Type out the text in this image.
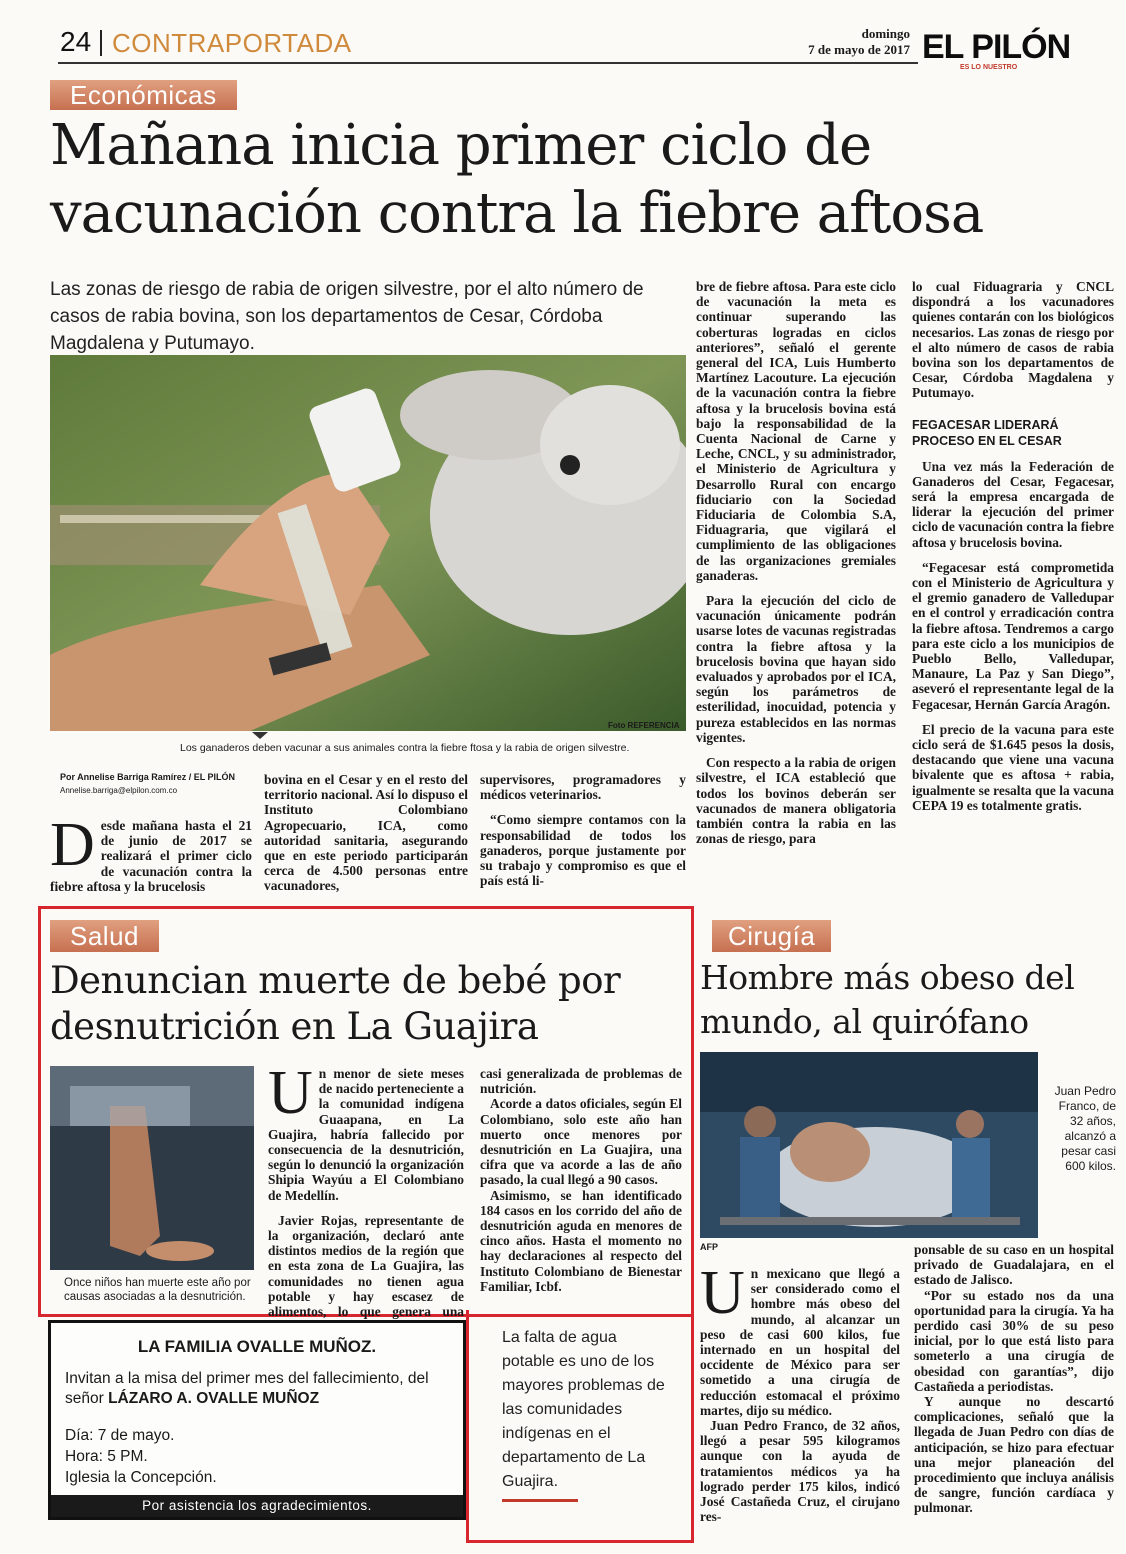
24 CONTRAPORTADA	domingo
7 de mayo de 2017 EL PILÓN
ES LO NUESTRO
Económicas
Mañana inicia primer ciclo de
vacunación contra la fiebre aftosa
Las zonas de riesgo de rabia de origen silvestre, por el alto número de casos de rabia bovina, son los departamentos de Cesar, Córdoba Magdalena y Putumayo.
Foto REFERENCIA
Los ganaderos deben vacunar a sus animales contra la fiebre ftosa y la rabia de origen silvestre.
Por Annelise Barriga Ramírez / EL PILÓN
Annelise.barriga@elpilon.com.co
D esde mañana hasta el 21 de junio de 2017 se realizará el primer ciclo de vacunación contra la fiebre aftosa y la brucelosis

bovina en el Cesar y en el resto del territorio nacional. Así lo dispuso el Instituto Colombiano Agropecuario, ICA, como autoridad sanitaria, asegurando que en este periodo participarán cerca de 4.500 personas entre vacunadores,

supervisores, programadores y médicos veterinarios.

“Como siempre contamos con la responsabilidad de todos los ganaderos, porque justamente por su trabajo y compromiso es que el país está li-

bre de fiebre aftosa. Para este ciclo de vacunación la meta es continuar superando las coberturas logradas en ciclos anteriores”, señaló el gerente general del ICA, Luis Humberto Martínez Lacouture. La ejecución de la vacunación contra la fiebre aftosa y la brucelosis bovina está bajo la responsabilidad de la Cuenta Nacional de Carne y Leche, CNCL, y su administrador, el Ministerio de Agricultura y Desarrollo Rural con encargo fiduciario con la Sociedad Fiduciaria de Colombia S.A, Fiduagraria, que vigilará el cumplimiento de las obligaciones de las organizaciones gremiales ganaderas.

Para la ejecución del ciclo de vacunación únicamente podrán usarse lotes de vacunas registradas contra la fiebre aftosa y la brucelosis bovina que hayan sido evaluados y aprobados por el ICA, según los parámetros de esterilidad, inocuidad, potencia y pureza establecidos en las normas vigentes.

Con respecto a la rabia de origen silvestre, el ICA estableció que todos los bovinos deberán ser vacunados de manera obligatoria también contra la rabia en las zonas de riesgo, para

lo cual Fiduagraria y CNCL dispondrá a los vacunadores quienes contarán con los biológicos necesarios. Las zonas de riesgo por el alto número de casos de rabia bovina son los departamentos de Cesar, Córdoba Magdalena y Putumayo.

FEGACESAR LIDERARÁ PROCESO EN EL CESAR

Una vez más la Federación de Ganaderos del Cesar, Fegacesar, será la empresa encargada de liderar la ejecución del primer ciclo de vacunación contra la fiebre aftosa y brucelosis bovina.

“Fegacesar está comprometida con el Ministerio de Agricultura y el gremio ganadero de Valledupar en el control y erradicación contra la fiebre aftosa. Tendremos a cargo para este ciclo a los municipios de Pueblo Bello, Valledupar, Manaure, La Paz y San Diego”, aseveró el representante legal de la Fegacesar, Hernán García Aragón.

El precio de la vacuna para este ciclo será de $1.645 pesos la dosis, destacando que viene una vacuna bivalente que es aftosa + rabia, igualmente se resalta que la vacuna CEPA 19 es totalmente gratis.

Salud
Denuncian muerte de bebé por
desnutrición en La Guajira
Once niños han muerte este año por causas asociadas a la desnutrición.
U n menor de siete meses de nacido perteneciente a la comunidad indígena Guaapana, en La Guajira, habría fallecido por consecuencia de la desnutrición, según lo denunció la organización Shipia Wayúu a El Colombiano de Medellín.

Javier Rojas, representante de la organización, declaró ante distintos medios de la región que en esta zona de La Guajira, las comunidades no tienen agua potable y hay escasez de alimentos, lo que genera una

casi generalizada de problemas de nutrición.

Acorde a datos oficiales, según El Colombiano, solo este año han muerto once menores por desnutrición en La Guajira, una cifra que va acorde a las de año pasado, la cual llegó a 90 casos.

Asimismo, se han identificado 184 casos en los corrido del año de desnutrición aguda en menores de cinco años. Hasta el momento no hay declaraciones al respecto del Instituto Colombiano de Bienestar Familiar, Icbf.

La falta de agua potable es uno de los mayores problemas de las comunidades indígenas en el departamento de La Guajira.
LA FAMILIA OVALLE MUÑOZ.
Invitan a la misa del primer mes del fallecimiento, del señor LÁZARO A. OVALLE MUÑOZ
Día: 7 de mayo.
Hora: 5 PM.
Iglesia la Concepción.
Por asistencia los agradecimientos.
Cirugía
Hombre más obeso del
mundo, al quirófano
Juan Pedro Franco, de 32 años, alcanzó a pesar casi 600 kilos.
AFP
U n mexicano que llegó a ser considerado como el hombre más obeso del mundo, al alcanzar un peso de casi 600 kilos, fue internado en un hospital del occidente de México para ser sometido a una cirugía de reducción estomacal el próximo martes, dijo su médico.

Juan Pedro Franco, de 32 años, llegó a pesar 595 kilogramos aunque con la ayuda de tratamientos médicos ya ha logrado perder 175 kilos, indicó José Castañeda Cruz, el cirujano res-

ponsable de su caso en un hospital privado de Guadalajara, en el estado de Jalisco.

“Por su estado nos da una oportunidad para la cirugía. Ya ha perdido casi 30% de su peso inicial, por lo que está listo para someterlo a una cirugía de obesidad con garantías”, dijo Castañeda a periodistas.

Y aunque no descartó complicaciones, señaló que la llegada de Juan Pedro con días de anticipación, se hizo para efectuar una mejor planeación del procedimiento que incluya análisis de sangre, función cardíaca y pulmonar.
